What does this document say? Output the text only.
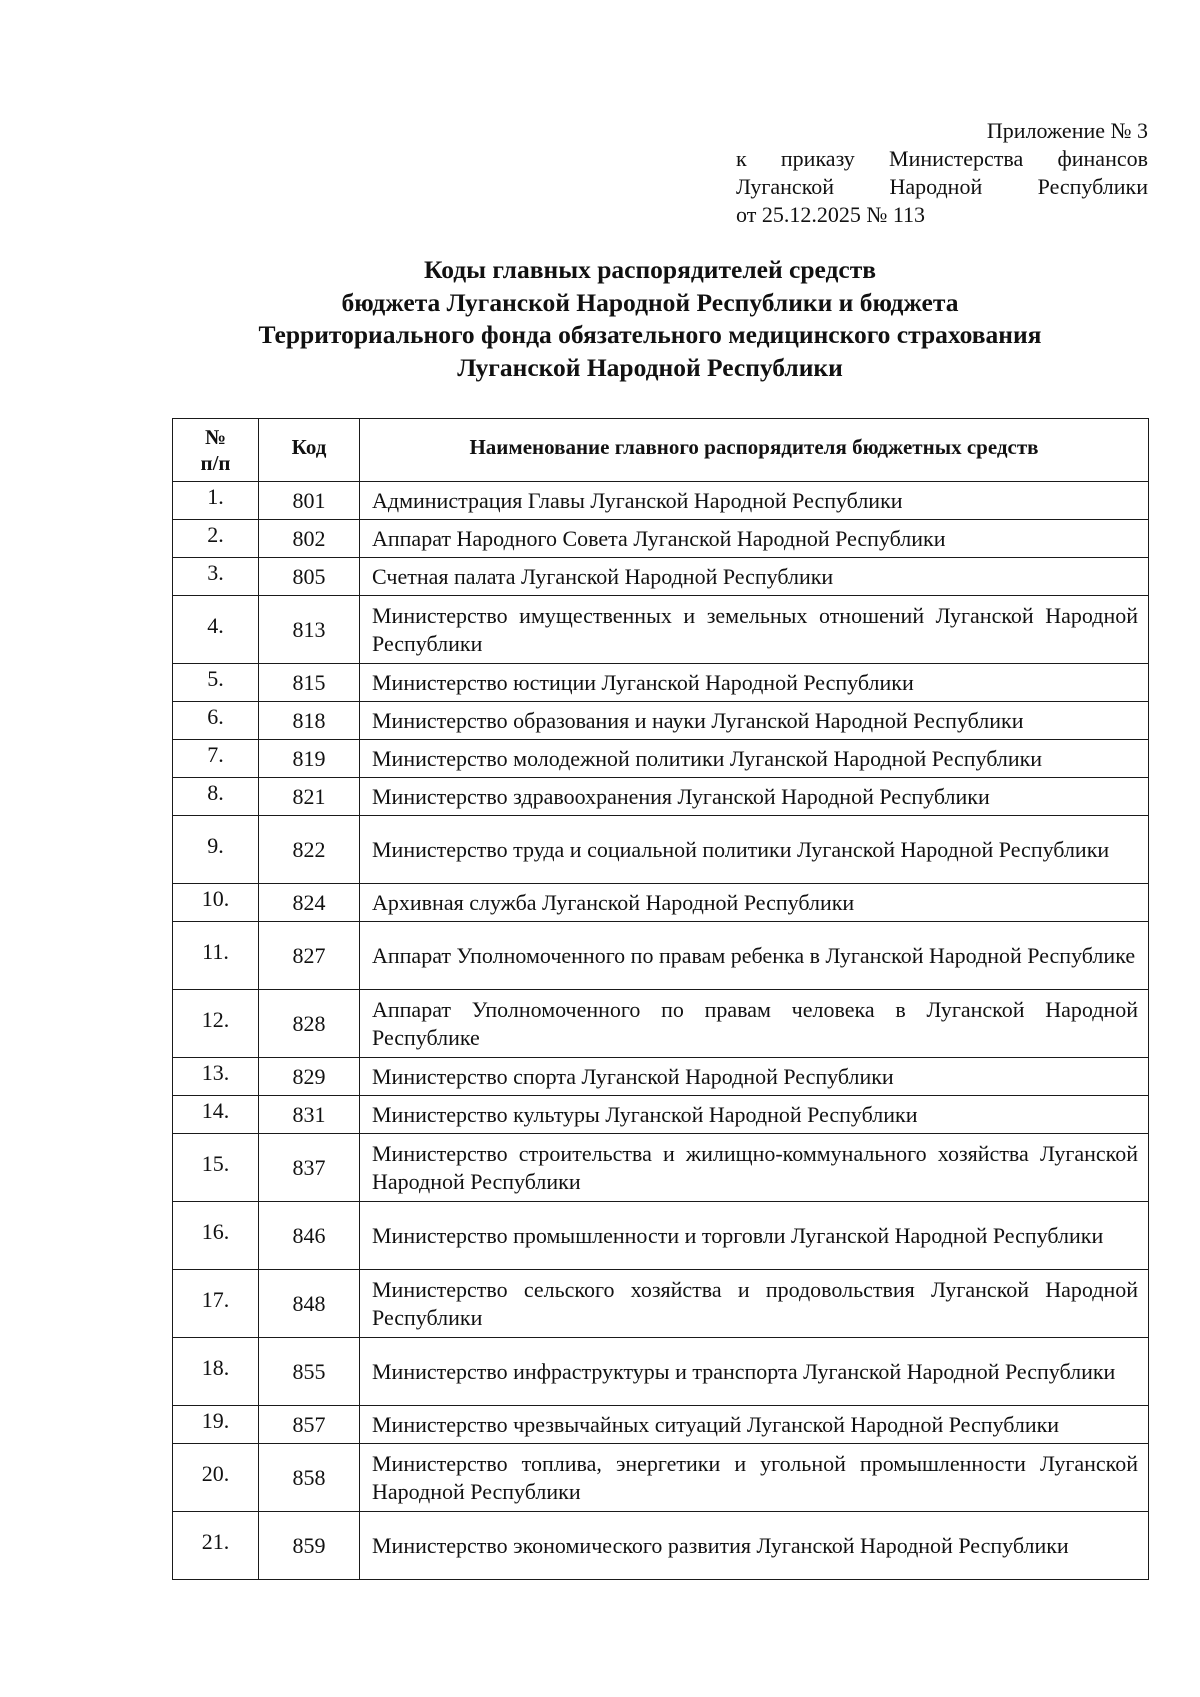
Приложение № 3
к приказу Министерства финансов
Луганской Народной Республики
от 25.12.2025 № 113
Коды главных распорядителей средств
бюджета Луганской Народной Республики и бюджета
Территориального фонда обязательного медицинского страхования
Луганской Народной Республики
№ п/п	Код	Наименование главного распорядителя бюджетных средств
1.	801	Администрация Главы Луганской Народной Республики
2.	802	Аппарат Народного Совета Луганской Народной Республики
3.	805	Счетная палата Луганской Народной Республики
4.	813	Министерство имущественных и земельных отношений Луганской Народной Республики
5.	815	Министерство юстиции Луганской Народной Республики
6.	818	Министерство образования и науки Луганской Народной Республики
7.	819	Министерство молодежной политики Луганской Народной Республики
8.	821	Министерство здравоохранения Луганской Народной Республики
9.	822	Министерство труда и социальной политики Луганской Народной Республики
10.	824	Архивная служба Луганской Народной Республики
11.	827	Аппарат Уполномоченного по правам ребенка в Луганской Народной Республике
12.	828	Аппарат Уполномоченного по правам человека в Луганской Народной Республике
13.	829	Министерство спорта Луганской Народной Республики
14.	831	Министерство культуры Луганской Народной Республики
15.	837	Министерство строительства и жилищно-коммунального хозяйства Луганской Народной Республики
16.	846	Министерство промышленности и торговли Луганской Народной Республики
17.	848	Министерство сельского хозяйства и продовольствия Луганской Народной Республики
18.	855	Министерство инфраструктуры и транспорта Луганской Народной Республики
19.	857	Министерство чрезвычайных ситуаций Луганской Народной Республики
20.	858	Министерство топлива, энергетики и угольной промышленности Луганской Народной Республики
21.	859	Министерство экономического развития Луганской Народной Республики
